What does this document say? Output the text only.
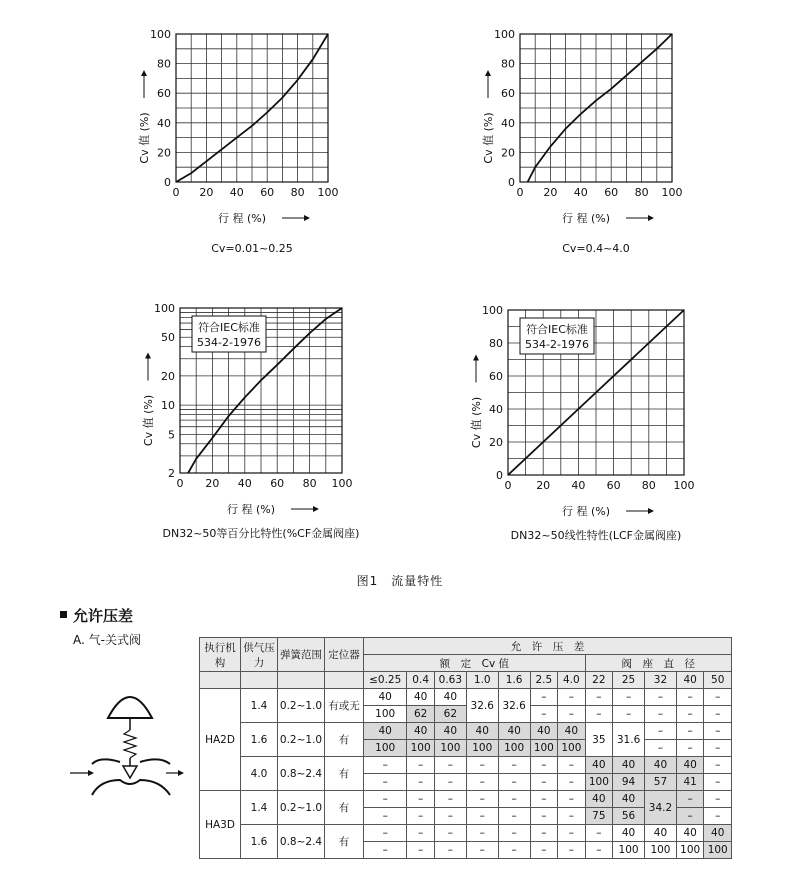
0 20 40 60 80 100
0
20
40
60
80
100
行 程 (%)
Cv 值 (%)
Cv=0.01~0.25
0 20 40 60 80 100
0
20
40
60
80
100
行 程 (%)
Cv 值 (%)
Cv=0.4~4.0
0 20 40 60 80 100
2
5
10
20
50
100
行 程 (%)
Cv 值 (%)
DN32~50等百分比特性(%CF金属阀座)
符合IEC标准
534-2-1976
0 20 40 60 80 100
0
20
40
60
80
100
行 程 (%)
Cv 值 (%)
DN32~50线性特性(LCF金属阀座)
符合IEC标准
534-2-1976
图1　流量特性
允许压差
A. 气-关式阀
执行机构	供气压力	弹簧范围	定位器	允　许　压　差											
				额　定　Cv 值							阀　座　直　径				
				≤0.25	0.4	0.63	1.0	1.6	2.5	4.0	22	25	32	40	50
HA2D	1.4	0.2~1.0	有或无	40	40	40	32.6	32.6	–	–	–	–	–	–	–
				100	62	62			–	–	–	–	–	–	–
	1.6	0.2~1.0	有	40	40	40	40	40	40	40	35	31.6	–	–	–
				100	100	100	100	100	100	100			–	–	–
	4.0	0.8~2.4	有	–	–	–	–	–	–	–	40	40	40	40	–
				–	–	–	–	–	–	–	100	94	57	41	–
HA3D	1.4	0.2~1.0	有	–	–	–	–	–	–	–	40	40	34.2	–	–
				–	–	–	–	–	–	–	75	56		–	–
	1.6	0.8~2.4	有	–	–	–	–	–	–	–	–	40	40	40	40
				–	–	–	–	–	–	–	–	100	100	100	100
